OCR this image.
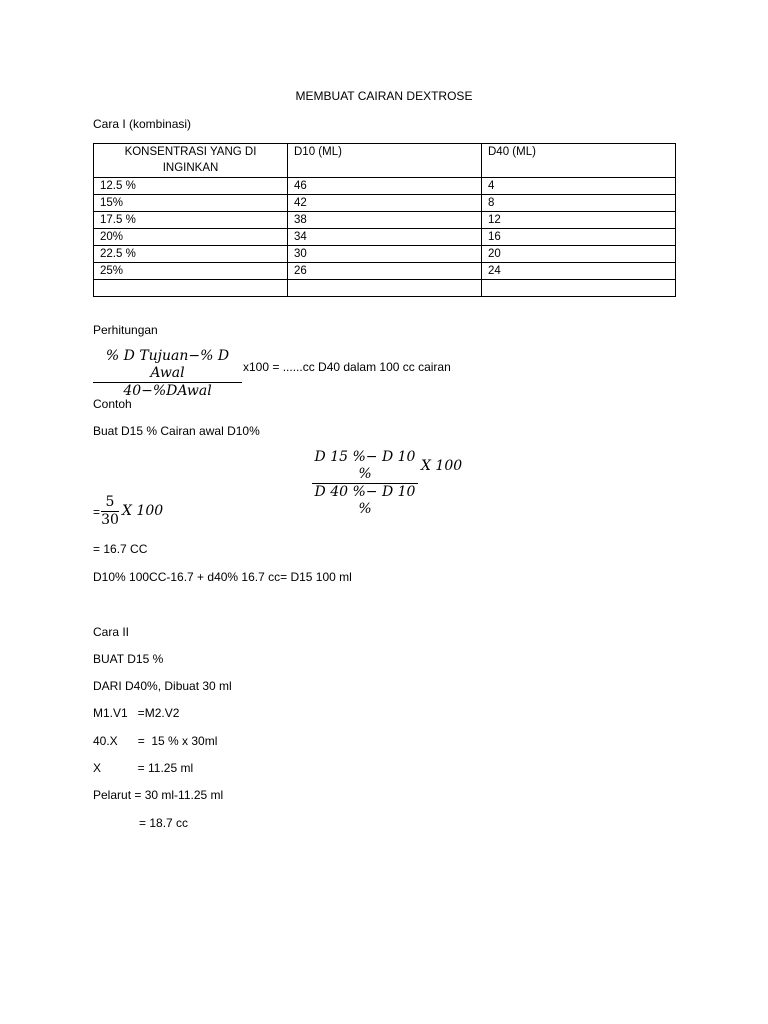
MEMBUAT CAIRAN DEXTROSE
Cara I (kombinasi)
KONSENTRASI YANG DI INGINKAN	D10 (ML)	D40 (ML)
12.5 %	46	4
15%	42	8
17.5 %	38	12
20%	34	16
22.5 %	30	20
25%	26	24

Perhitungan
% D Tujuan−% D Awal
40−%DAwal
x100 = ......cc D40 dalam 100 cc cairan
Contoh
Buat D15 % Cairan awal D10%
D 15 %− D 10 %
D 40 %− D 10 %
X 100
=
5
30
X 100
= 16.7 CC
D10% 100CC-16.7 + d40% 16.7 cc= D15 100 ml
Cara II
BUAT D15 %
DARI D40%, Dibuat 30 ml
M1.V1   =M2.V2
40.X      =  15 % x 30ml
X           = 11.25 ml
Pelarut = 30 ml-11.25 ml
= 18.7 cc
